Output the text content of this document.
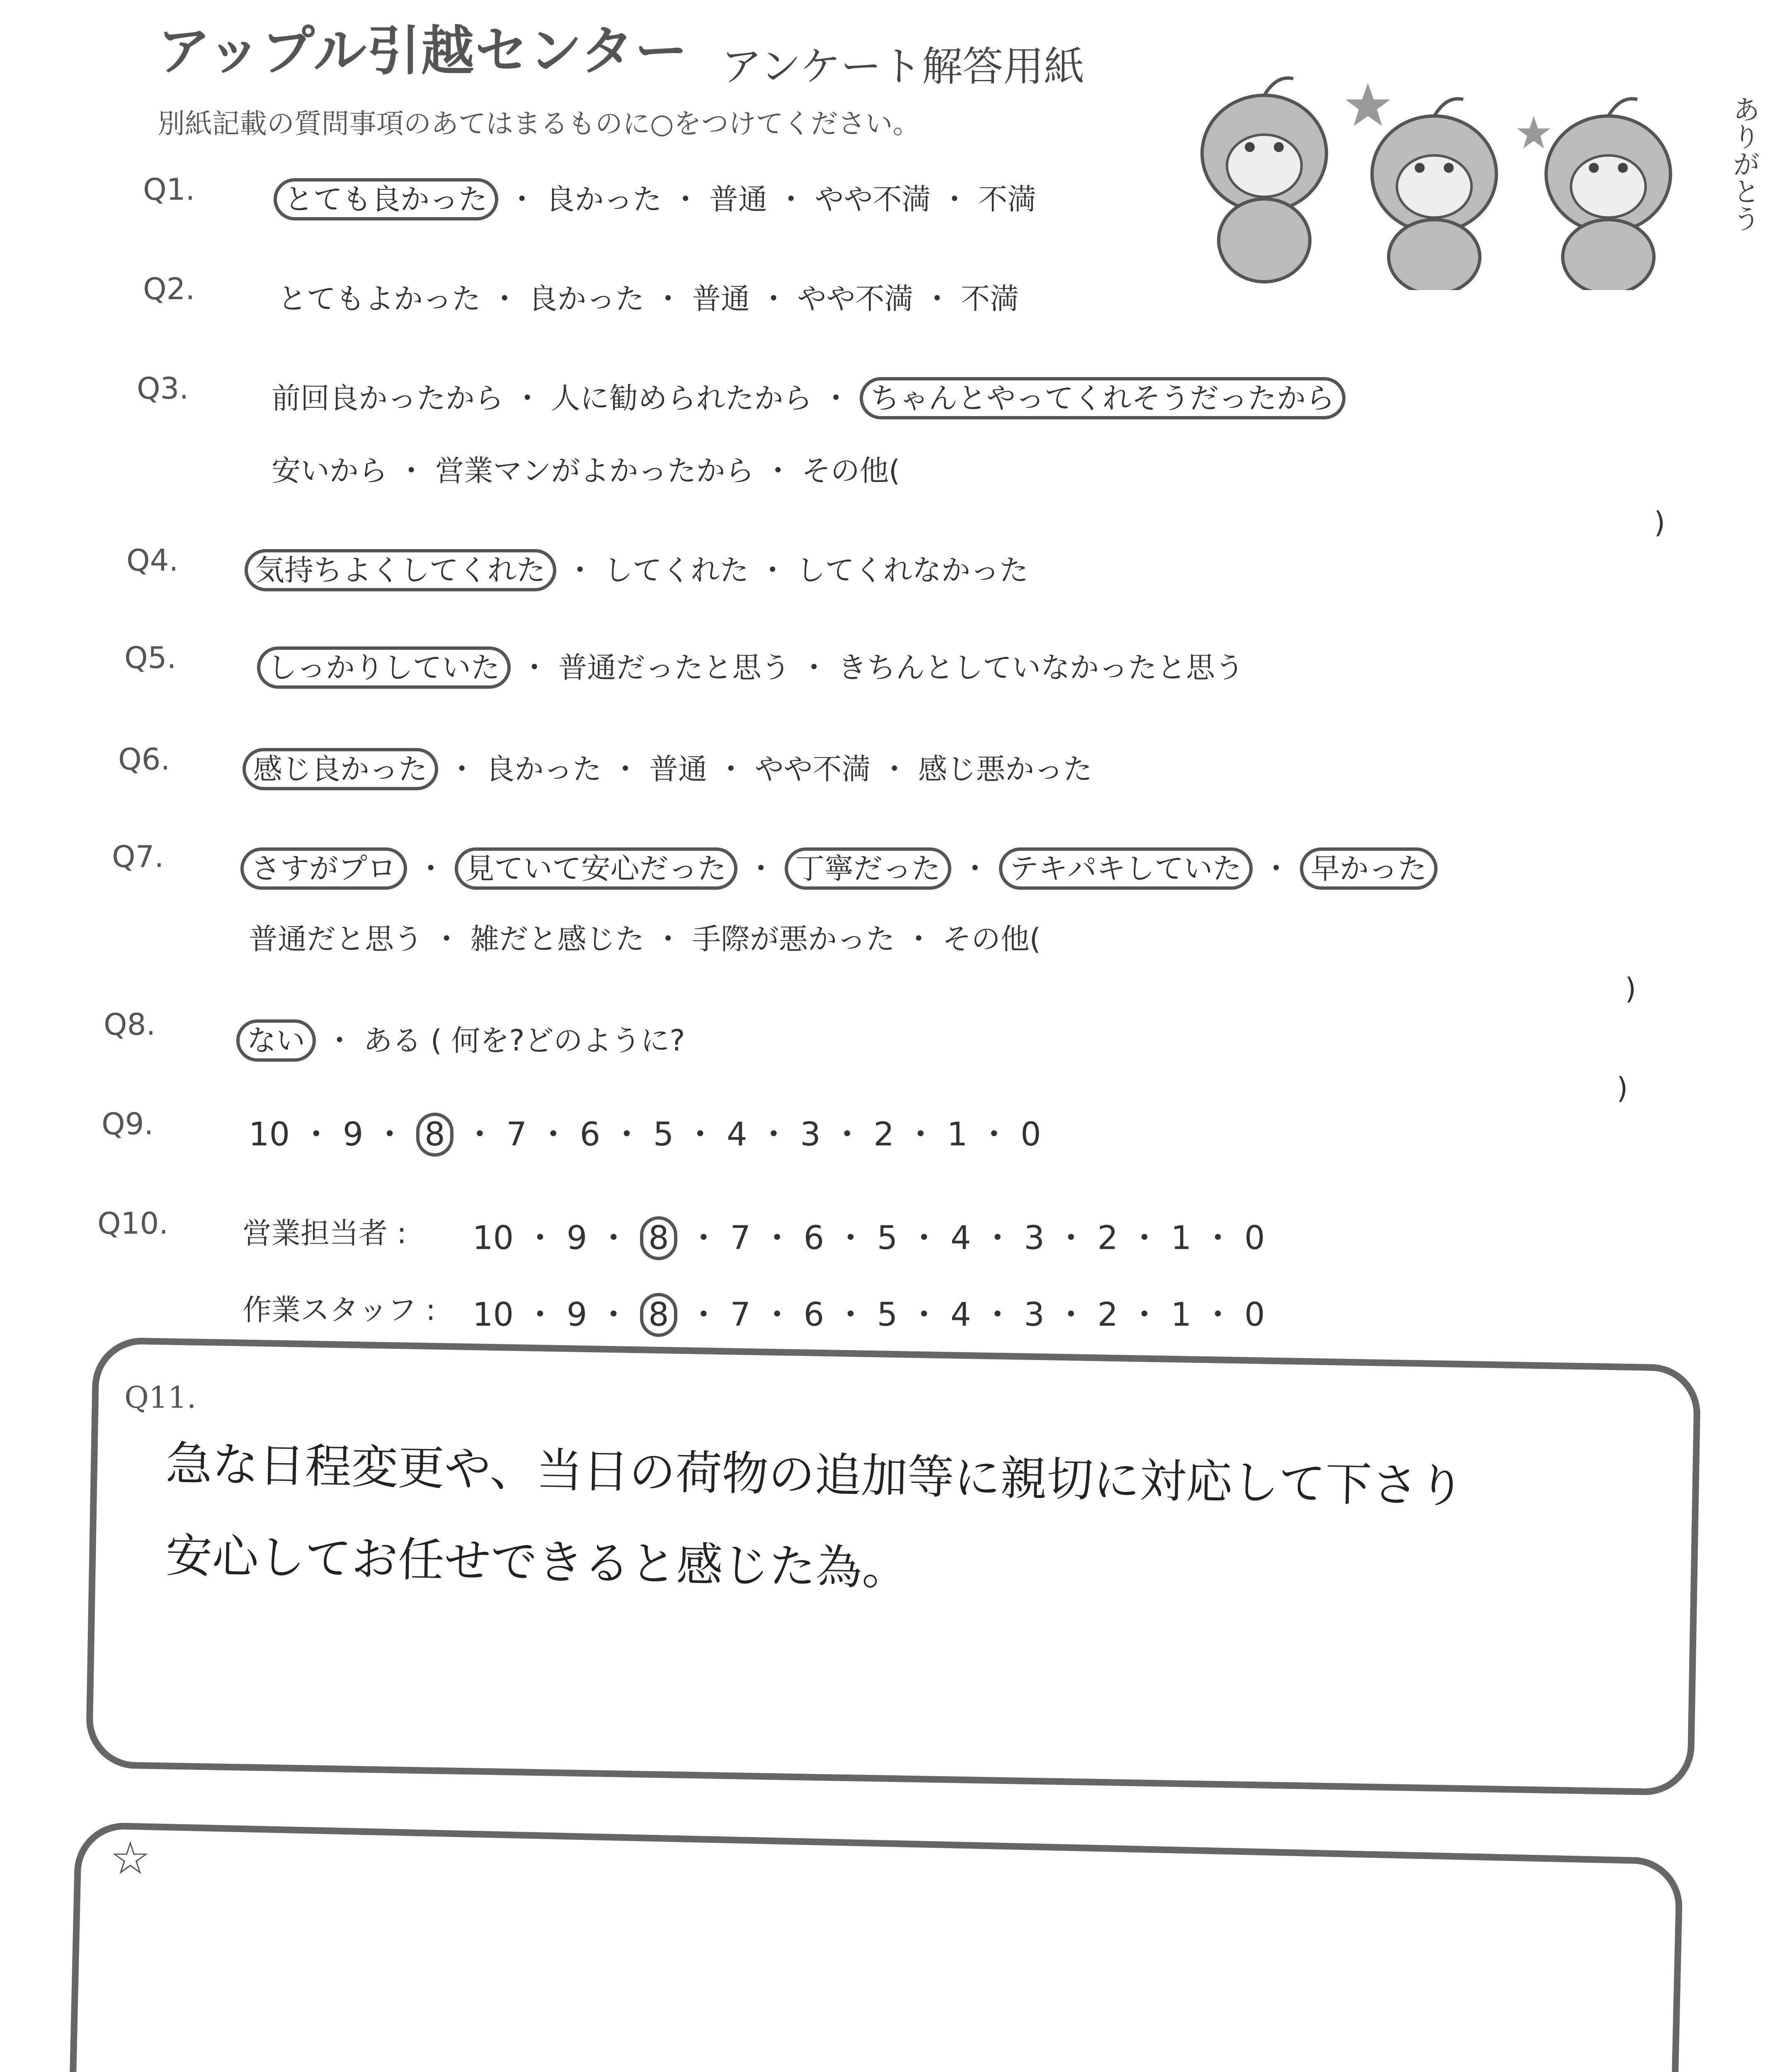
アップル引越センター アンケート解答用紙
別紙記載の質問事項のあてはまるものに○をつけてください。	ありがとう
Q1.	とても良かった ・ 良かった ・ 普通 ・ やや不満 ・ 不満
Q2.	とてもよかった ・ 良かった ・ 普通 ・ やや不満 ・ 不満
Q3.	前回良かったから ・ 人に勧められたから ・ ちゃんとやってくれそうだったから
安いから ・ 営業マンがよかったから ・ その他(
)
Q4.	気持ちよくしてくれた ・ してくれた ・ してくれなかった
Q5.	しっかりしていた ・ 普通だったと思う ・ きちんとしていなかったと思う
Q6.	感じ良かった ・ 良かった ・ 普通 ・ やや不満 ・ 感じ悪かった
Q7.	さすがプロ ・ 見ていて安心だった ・ 丁寧だった ・ テキパキしていた ・ 早かった
普通だと思う ・ 雑だと感じた ・ 手際が悪かった ・ その他(
)
Q8.	ない ・ ある ( 何を?どのように?
)
Q9.	10 ・ 9 ・ 8 ・ 7 ・ 6 ・ 5 ・ 4 ・ 3 ・ 2 ・ 1 ・ 0
Q10.	営業担当者 : 10 ・ 9 ・ 8 ・ 7 ・ 6 ・ 5 ・ 4 ・ 3 ・ 2 ・ 1 ・ 0
作業スタッフ : 10 ・ 9 ・ 8 ・ 7 ・ 6 ・ 5 ・ 4 ・ 3 ・ 2 ・ 1 ・ 0
Q11.
急な日程変更や、当日の荷物の追加等に親切に対応して下さり
安心してお任せできると感じた為。
☆
